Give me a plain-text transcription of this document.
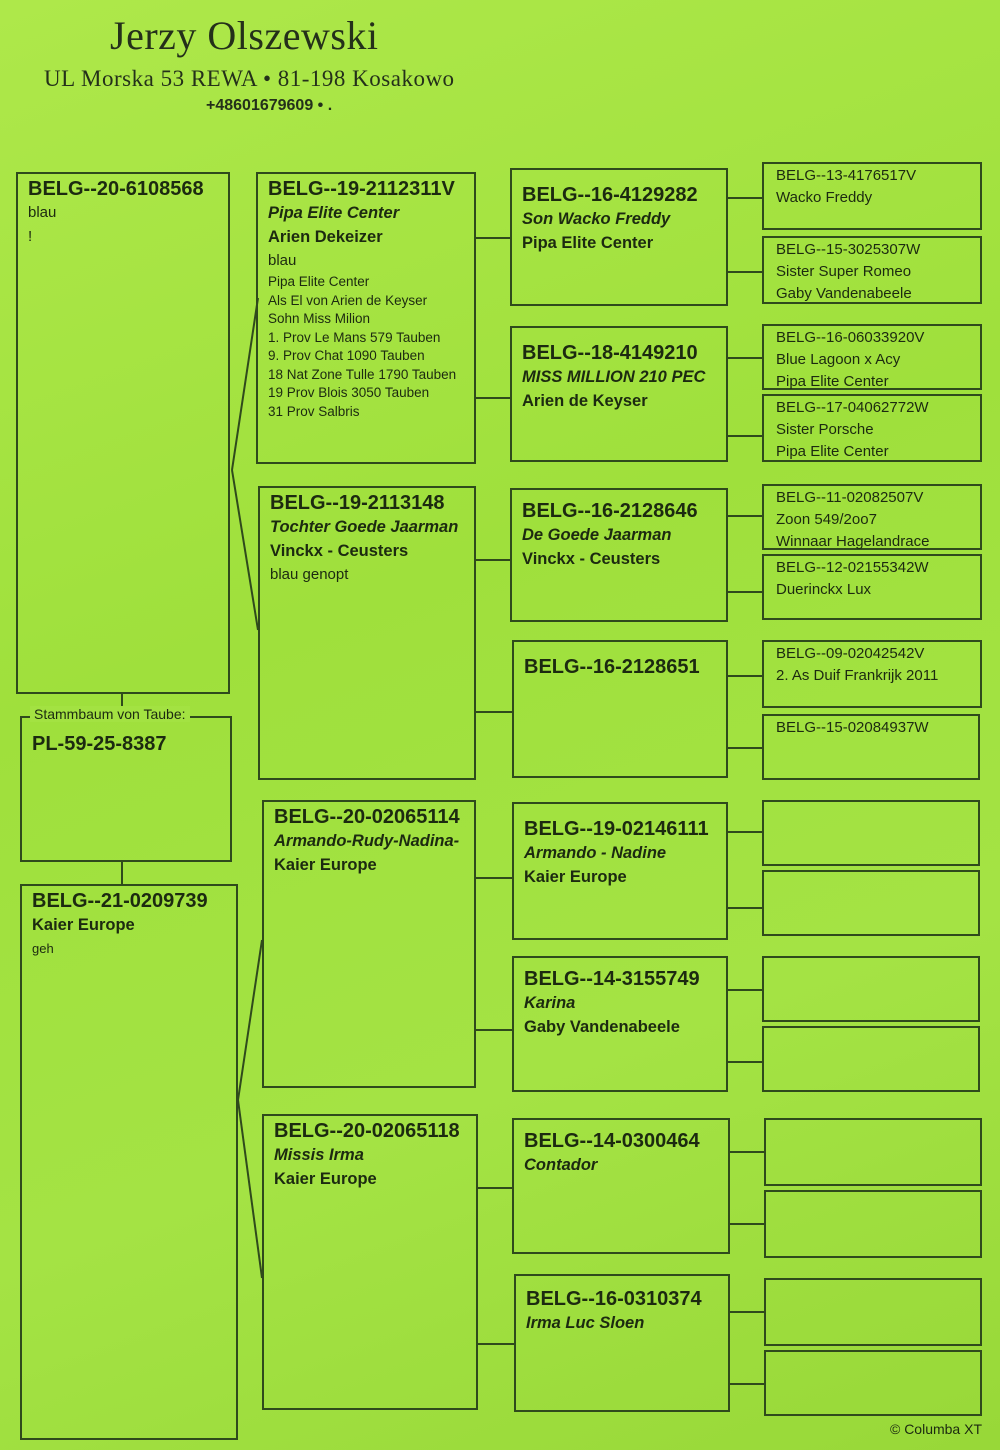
Jerzy Olszewski
UL Morska 53 REWA • 81-198 Kosakowo
+48601679609 • .
BELG--20-6108568
blau
!
PL-59-25-8387
Stammbaum von Taube:
BELG--21-0209739
Kaier Europe
geh
BELG--19-2112311V
Pipa Elite Center
Arien Dekeizer
blau
Pipa Elite Center
Als El von Arien de Keyser
Sohn Miss Milion
1. Prov Le Mans 579 Tauben
9. Prov Chat 1090 Tauben
18 Nat Zone Tulle 1790 Tauben
19 Prov Blois 3050 Tauben
31 Prov Salbris
BELG--19-2113148
Tochter Goede Jaarman
Vinckx - Ceusters
blau genopt
BELG--20-02065114
Armando-Rudy-Nadina-
Kaier Europe
BELG--20-02065118
Missis Irma
Kaier Europe
BELG--16-4129282
Son Wacko Freddy
Pipa Elite Center
BELG--18-4149210
MISS MILLION 210 PEC
Arien de Keyser
BELG--16-2128646
De Goede Jaarman
Vinckx - Ceusters
BELG--16-2128651
BELG--19-02146111
Armando - Nadine
Kaier Europe
BELG--14-3155749
Karina
Gaby Vandenabeele
BELG--14-0300464
Contador
BELG--16-0310374
Irma Luc Sloen
BELG--13-4176517V
Wacko Freddy
BELG--15-3025307W
Sister Super Romeo
Gaby Vandenabeele
BELG--16-06033920V
Blue Lagoon x Acy
Pipa Elite Center
BELG--17-04062772W
Sister Porsche
Pipa Elite Center
BELG--11-02082507V
Zoon 549/2oo7
Winnaar Hagelandrace
BELG--12-02155342W
Duerinckx Lux
BELG--09-02042542V
2. As Duif Frankrijk 2011
BELG--15-02084937W
© Columba XT
